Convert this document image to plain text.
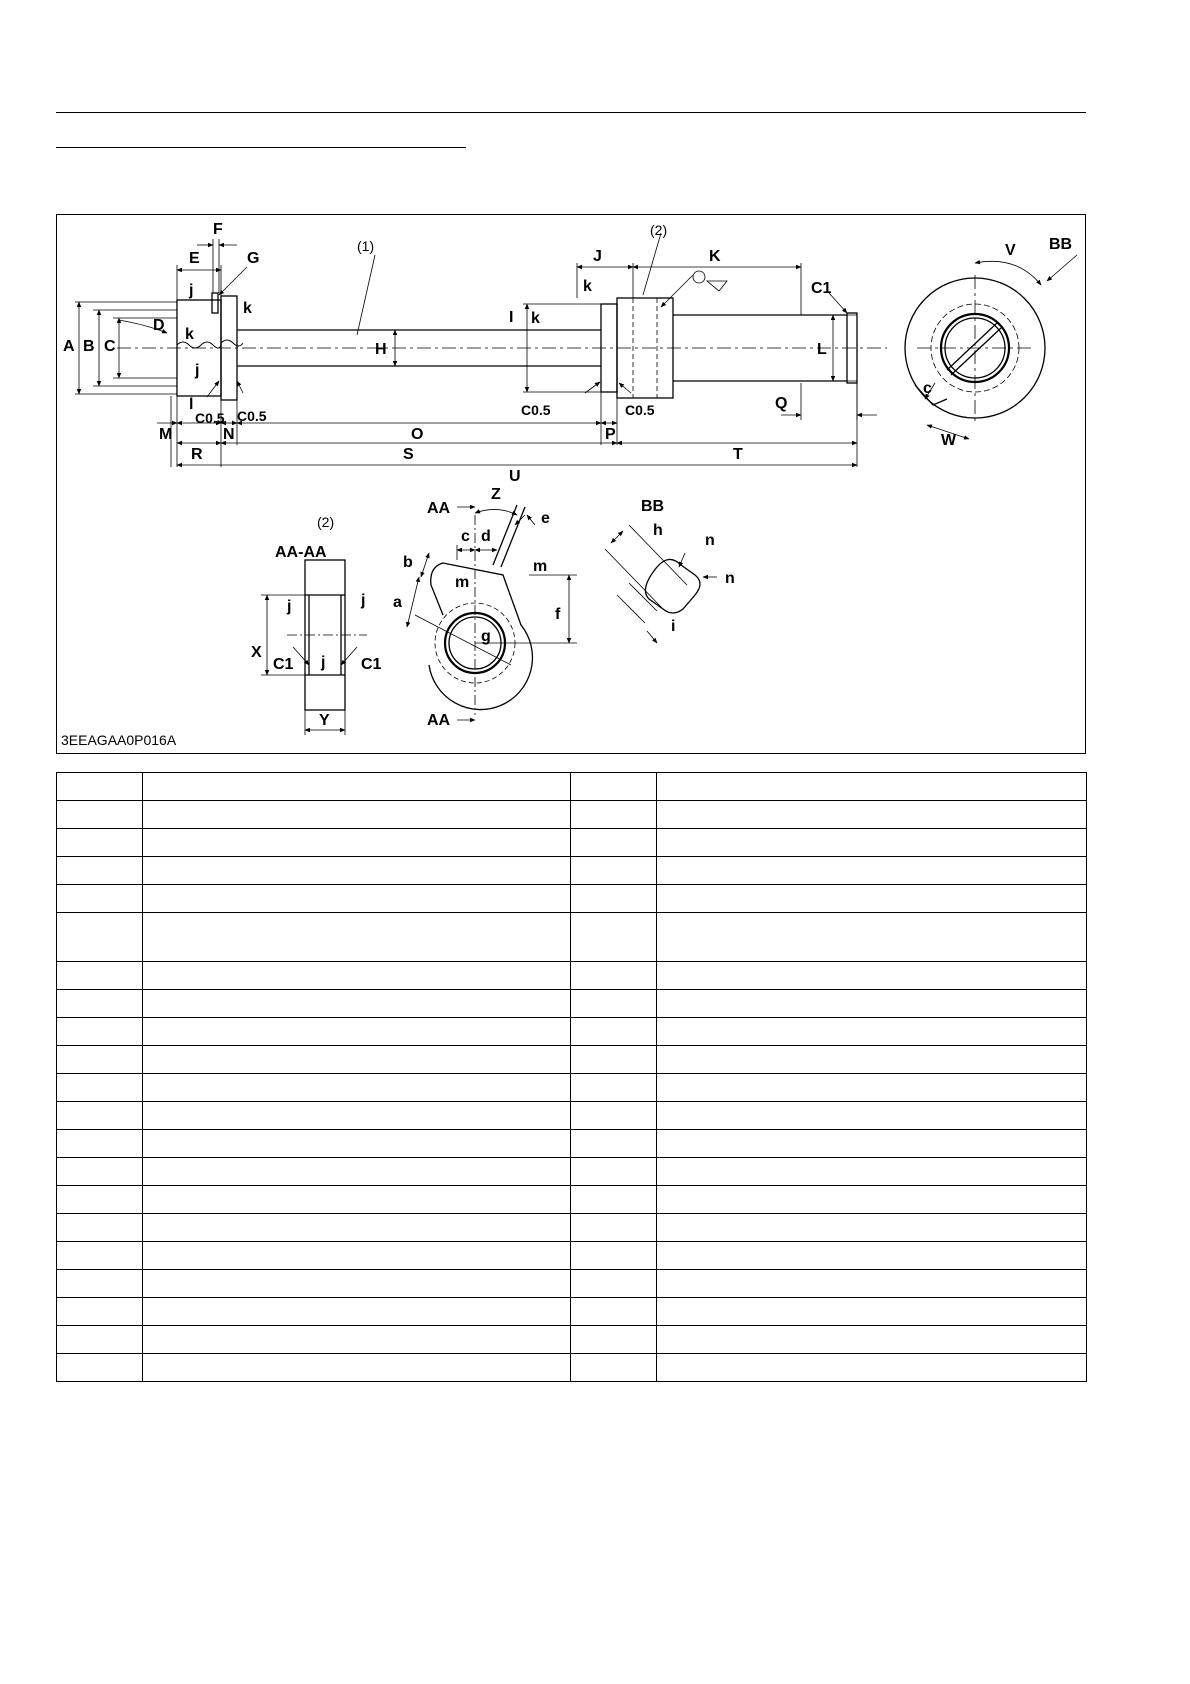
A B C
D
E
F
G
j
k
k
j
l
(1)
H
I k
k
J
(2)
K
C1
L
Q
C0.5 C0.5	C0.5	C0.5
M	N	O	P
R	S	T
U
V BB
c
W
(2)
AA-AA
j	j
X
C1	C1
j
Y
AA
AA
Z
e
c d
b
a
m
m
f
g
BB
h
n
n
i
3EEAGAA0P016A
